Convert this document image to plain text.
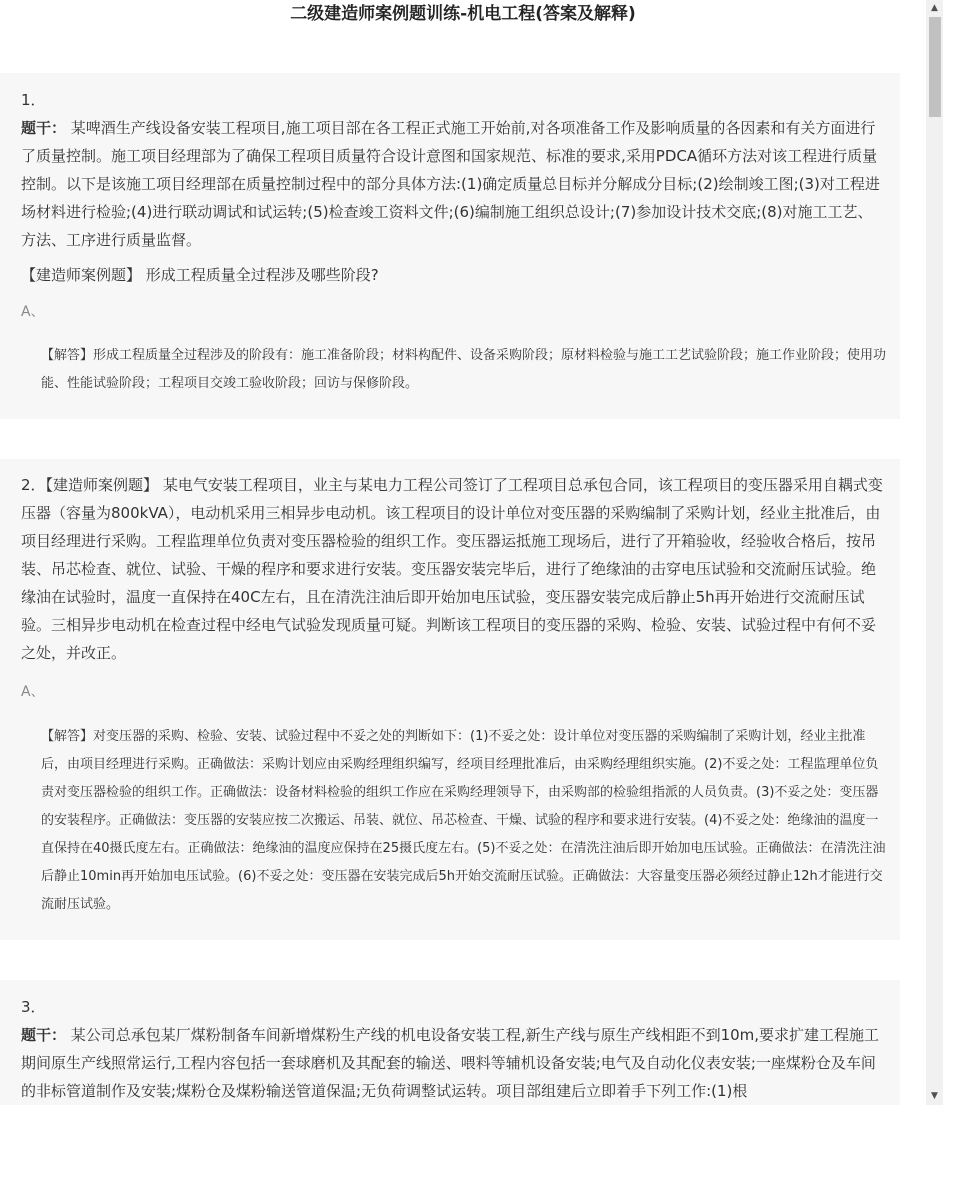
二级建造师案例题训练-机电工程(答案及解释)

1．
题干： 某啤酒生产线设备安装工程项目,施工项目部在各工程正式施工开始前,对各项准备工作及影响质量的各因素和有关方面进行了质量控制。施工项目经理部为了确保工程项目质量符合设计意图和国家规范、标准的要求,采用PDCA循环方法对该工程进行质量控制。以下是该施工项目经理部在质量控制过程中的部分具体方法:(1)确定质量总目标并分解成分目标;(2)绘制竣工图;(3)对工程进场材料进行检验;(4)进行联动调试和试运转;(5)检查竣工资料文件;(6)编制施工组织总设计;(7)参加设计技术交底;(8)对施工工艺、方法、工序进行质量监督。

【建造师案例题】 形成工程质量全过程涉及哪些阶段?

A、

【解答】形成工程质量全过程涉及的阶段有：施工准备阶段；材料构配件、设备采购阶段；原材料检验与施工工艺试验阶段；施工作业阶段；使用功能、性能试验阶段；工程项目交竣工验收阶段；回访与保修阶段。

2．【建造师案例题】 某电气安装工程项目，业主与某电力工程公司签订了工程项目总承包合同，该工程项目的变压器采用自耦式变压器（容量为800kVA），电动机采用三相异步电动机。该工程项目的设计单位对变压器的采购编制了采购计划，经业主批准后，由项目经理进行采购。工程监理单位负责对变压器检验的组织工作。变压器运抵施工现场后，进行了开箱验收，经验收合格后，按吊装、吊芯检查、就位、试验、干燥的程序和要求进行安装。变压器安装完毕后，进行了绝缘油的击穿电压试验和交流耐压试验。绝缘油在试验时，温度一直保持在40C左右，且在清洗注油后即开始加电压试验，变压器安装完成后静止5h再开始进行交流耐压试验。三相异步电动机在检查过程中经电气试验发现质量可疑。判断该工程项目的变压器的采购、检验、安装、试验过程中有何不妥之处，并改正。

A、

【解答】对变压器的采购、检验、安装、试验过程中不妥之处的判断如下：(1)不妥之处：设计单位对变压器的采购编制了采购计划，经业主批准后，由项目经理进行采购。正确做法：采购计划应由采购经理组织编写，经项目经理批准后，由采购经理组织实施。(2)不妥之处：工程监理单位负责对变压器检验的组织工作。正确做法：设备材料检验的组织工作应在采购经理领导下，由采购部的检验组指派的人员负责。(3)不妥之处：变压器的安装程序。正确做法：变压器的安装应按二次搬运、吊装、就位、吊芯检查、干燥、试验的程序和要求进行安装。(4)不妥之处：绝缘油的温度一直保持在40摄氏度左右。正确做法：绝缘油的温度应保持在25摄氏度左右。(5)不妥之处：在清洗注油后即开始加电压试验。正确做法：在清洗注油后静止10min再开始加电压试验。(6)不妥之处：变压器在安装完成后5h开始交流耐压试验。正确做法：大容量变压器必须经过静止12h才能进行交流耐压试验。

3．
题干： 某公司总承包某厂煤粉制备车间新增煤粉生产线的机电设备安装工程,新生产线与原生产线相距不到10m,要求扩建工程施工期间原生产线照常运行,工程内容包括一套球磨机及其配套的输送、喂料等辅机设备安装;电气及自动化仪表安装;一座煤粉仓及车间的非标管道制作及安装;煤粉仓及煤粉输送管道保温;无负荷调整试运转。项目部组建后立即着手下列工作:(1)根

▲
▼
